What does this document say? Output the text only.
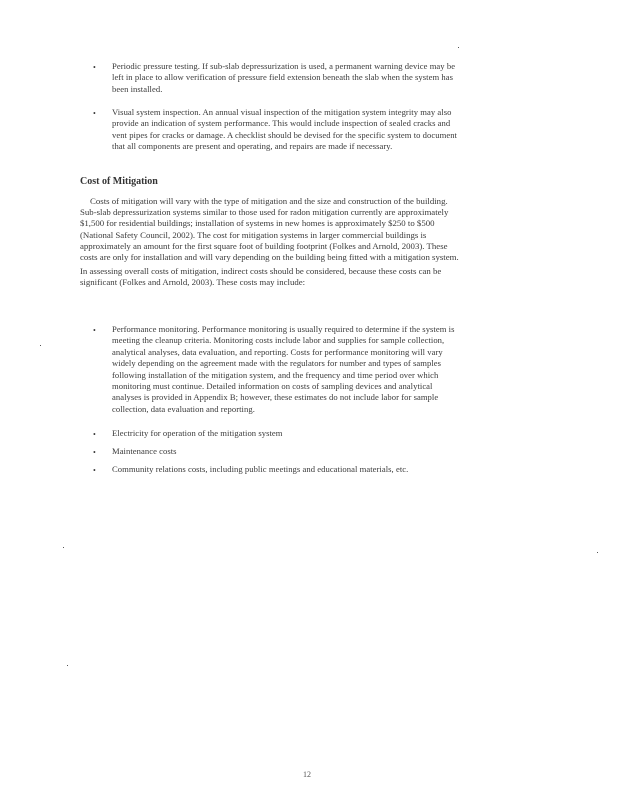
• Periodic pressure testing. If sub-slab depressurization is used, a permanent warning device may be left in place to allow verification of pressure field extension beneath the slab when the system has been installed.
• Visual system inspection. An annual visual inspection of the mitigation system integrity may also provide an indication of system performance. This would include inspection of sealed cracks and vent pipes for cracks or damage. A checklist should be devised for the specific system to document that all components are present and operating, and repairs are made if necessary.
Cost of Mitigation
Costs of mitigation will vary with the type of mitigation and the size and construction of the building. Sub-slab depressurization systems similar to those used for radon mitigation currently are approximately $1,500 for residential buildings; installation of systems in new homes is approximately $250 to $500 (National Safety Council, 2002). The cost for mitigation systems in larger commercial buildings is approximately an amount for the first square foot of building footprint (Folkes and Arnold, 2003). These costs are only for installation and will vary depending on the building being fitted with a mitigation system.
In assessing overall costs of mitigation, indirect costs should be considered, because these costs can be significant (Folkes and Arnold, 2003). These costs may include:
• Performance monitoring. Performance monitoring is usually required to determine if the system is meeting the cleanup criteria. Monitoring costs include labor and supplies for sample collection, analytical analyses, data evaluation, and reporting. Costs for performance monitoring will vary widely depending on the agreement made with the regulators for number and types of samples following installation of the mitigation system, and the frequency and time period over which monitoring must continue. Detailed information on costs of sampling devices and analytical analyses is provided in Appendix B; however, these estimates do not include labor for sample collection, data evaluation and reporting.
• Electricity for operation of the mitigation system
• Maintenance costs
• Community relations costs, including public meetings and educational materials, etc.
12
